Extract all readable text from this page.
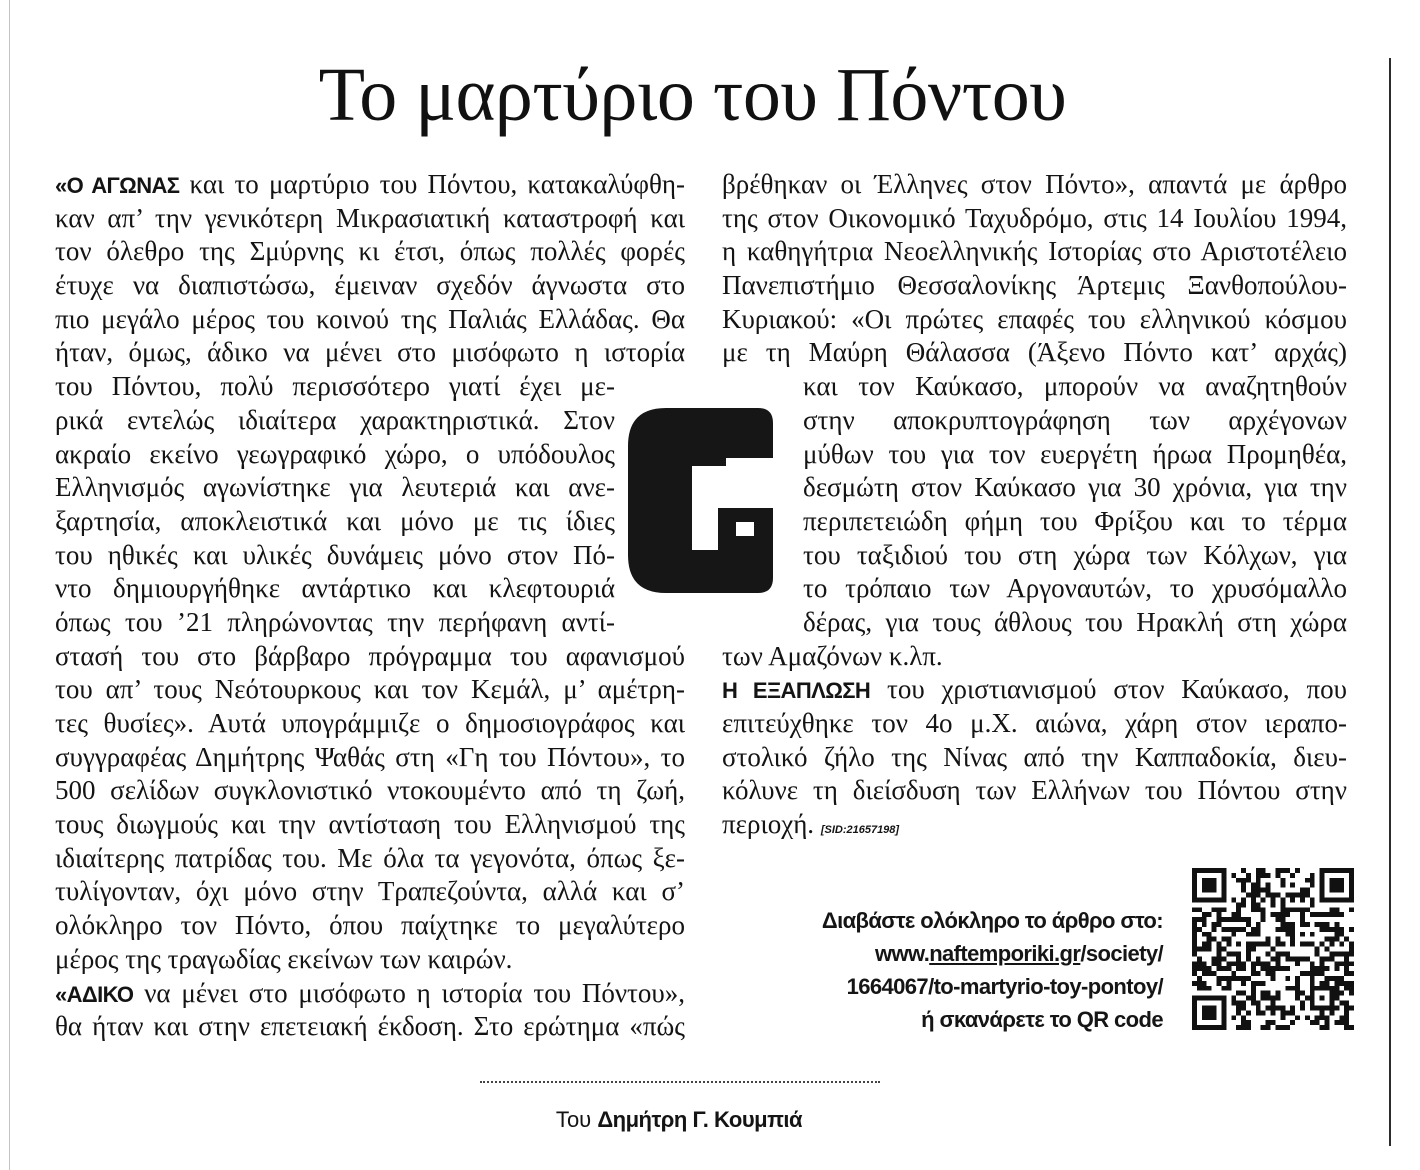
Το μαρτύριο του Πόντου
«Ο ΑΓΩΝΑΣ και το μαρτύριο του Πόντου, κατακαλύφθη-
καν απ’ την γενικότερη Μικρασιατική καταστροφή και
τον όλεθρο της Σμύρνης κι έτσι, όπως πολλές φορές
έτυχε να διαπιστώσω, έμειναν σχεδόν άγνωστα στο
πιο μεγάλο μέρος του κοινού της Παλιάς Ελλάδας. Θα
ήταν, όμως, άδικο να μένει στο μισόφωτο η ιστορία
του Πόντου, πολύ περισσότερο γιατί έχει με-
ρικά εντελώς ιδιαίτερα χαρακτηριστικά. Στον
ακραίο εκείνο γεωγραφικό χώρο, ο υπόδουλος
Ελληνισμός αγωνίστηκε για λευτεριά και ανε-
ξαρτησία, αποκλειστικά και μόνο με τις ίδιες
του ηθικές και υλικές δυνάμεις μόνο στον Πό-
ντο δημιουργήθηκε αντάρτικο και κλεφτουριά
όπως του ’21 πληρώνοντας την περήφανη αντί-
στασή του στο βάρβαρο πρόγραμμα του αφανισμού
του απ’ τους Νεότουρκους και τον Κεμάλ, μ’ αμέτρη-
τες θυσίες». Αυτά υπογράμμιζε ο δημοσιογράφος και
συγγραφέας Δημήτρης Ψαθάς στη «Γη του Πόντου», το
500 σελίδων συγκλονιστικό ντοκουμέντο από τη ζωή,
τους διωγμούς και την αντίσταση του Ελληνισμού της
ιδιαίτερης πατρίδας του. Με όλα τα γεγονότα, όπως ξε-
τυλίγονταν, όχι μόνο στην Τραπεζούντα, αλλά και σ’
ολόκληρο τον Πόντο, όπου παίχτηκε το μεγαλύτερο
μέρος της τραγωδίας εκείνων των καιρών.
«ΑΔΙΚΟ να μένει στο μισόφωτο η ιστορία του Πόντου»,
θα ήταν και στην επετειακή έκδοση. Στο ερώτημα «πώς
βρέθηκαν οι Έλληνες στον Πόντο», απαντά με άρθρο
της στον Οικονομικό Ταχυδρόμο, στις 14 Ιουλίου 1994,
η καθηγήτρια Νεοελληνικής Ιστορίας στο Αριστοτέλειο
Πανεπιστήμιο Θεσσαλονίκης Άρτεμις Ξανθοπούλου-
Κυριακού: «Οι πρώτες επαφές του ελληνικού κόσμου
με τη Μαύρη Θάλασσα (Άξενο Πόντο κατ’ αρχάς)
και τον Καύκασο, μπορούν να αναζητηθούν
στην αποκρυπτογράφηση των αρχέγονων
μύθων του για τον ευεργέτη ήρωα Προμηθέα,
δεσμώτη στον Καύκασο για 30 χρόνια, για την
περιπετειώδη φήμη του Φρίξου και το τέρμα
του ταξιδιού του στη χώρα των Κόλχων, για
το τρόπαιο των Αργοναυτών, το χρυσόμαλλο
δέρας, για τους άθλους του Ηρακλή στη χώρα
των Αμαζόνων κ.λπ.
Η ΕΞΑΠΛΩΣΗ του χριστιανισμού στον Καύκασο, που
επιτεύχθηκε τον 4ο μ.Χ. αιώνα, χάρη στον ιεραπο-
στολικό ζήλο της Νίνας από την Καππαδοκία, διευ-
κόλυνε τη διείσδυση των Ελλήνων του Πόντου στην
περιοχή. [SID:21657198]
Διαβάστε ολόκληρο το άρθρο στο:
www.naftemporiki.gr/society/
1664067/to-martyrio-toy-pontoy/
ή σκανάρετε το QR code
Του Δημήτρη Γ. Κουμπιά
